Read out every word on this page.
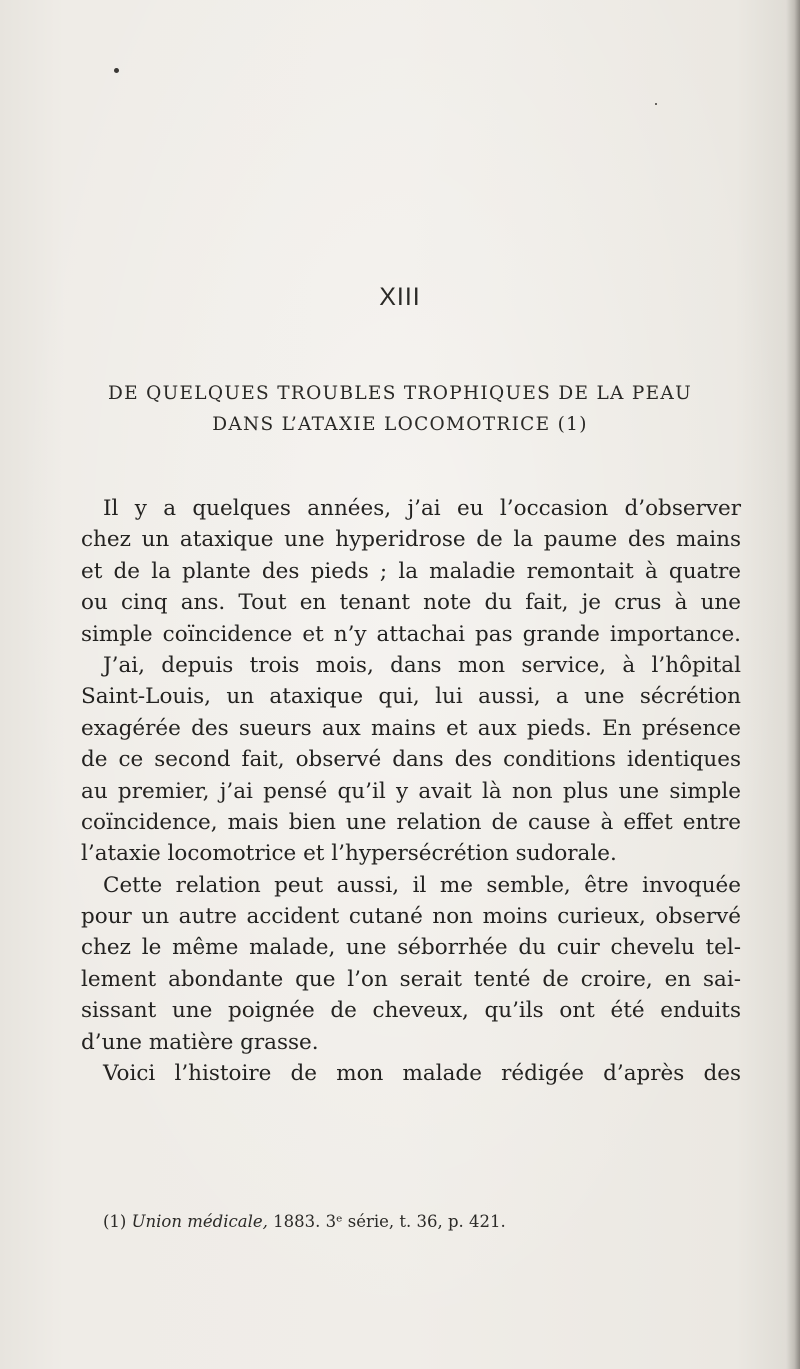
XIII
DE QUELQUES TROUBLES TROPHIQUES DE LA PEAU
DANS L’ATAXIE LOCOMOTRICE (1)
Il y a quelques années, j’ai eu l’occasion d’observer
chez un ataxique une hyperidrose de la paume des mains
et de la plante des pieds ; la maladie remontait à quatre
ou cinq ans. Tout en tenant note du fait, je crus à une
simple coïncidence et n’y attachai pas grande importance.
J’ai, depuis trois mois, dans mon service, à l’hôpital
Saint-Louis, un ataxique qui, lui aussi, a une sécrétion
exagérée des sueurs aux mains et aux pieds. En présence
de ce second fait, observé dans des conditions identiques
au premier, j’ai pensé qu’il y avait là non plus une simple
coïncidence, mais bien une relation de cause à effet entre
l’ataxie locomotrice et l’hypersécrétion sudorale.
Cette relation peut aussi, il me semble, être invoquée
pour un autre accident cutané non moins curieux, observé
chez le même malade, une séborrhée du cuir chevelu tel-
lement abondante que l’on serait tenté de croire, en sai-
sissant une poignée de cheveux, qu’ils ont été enduits
d’une matière grasse.
Voici l’histoire de mon malade rédigée d’après des
(1) Union médicale, 1883. 3ᵉ série, t. 36, p. 421.
